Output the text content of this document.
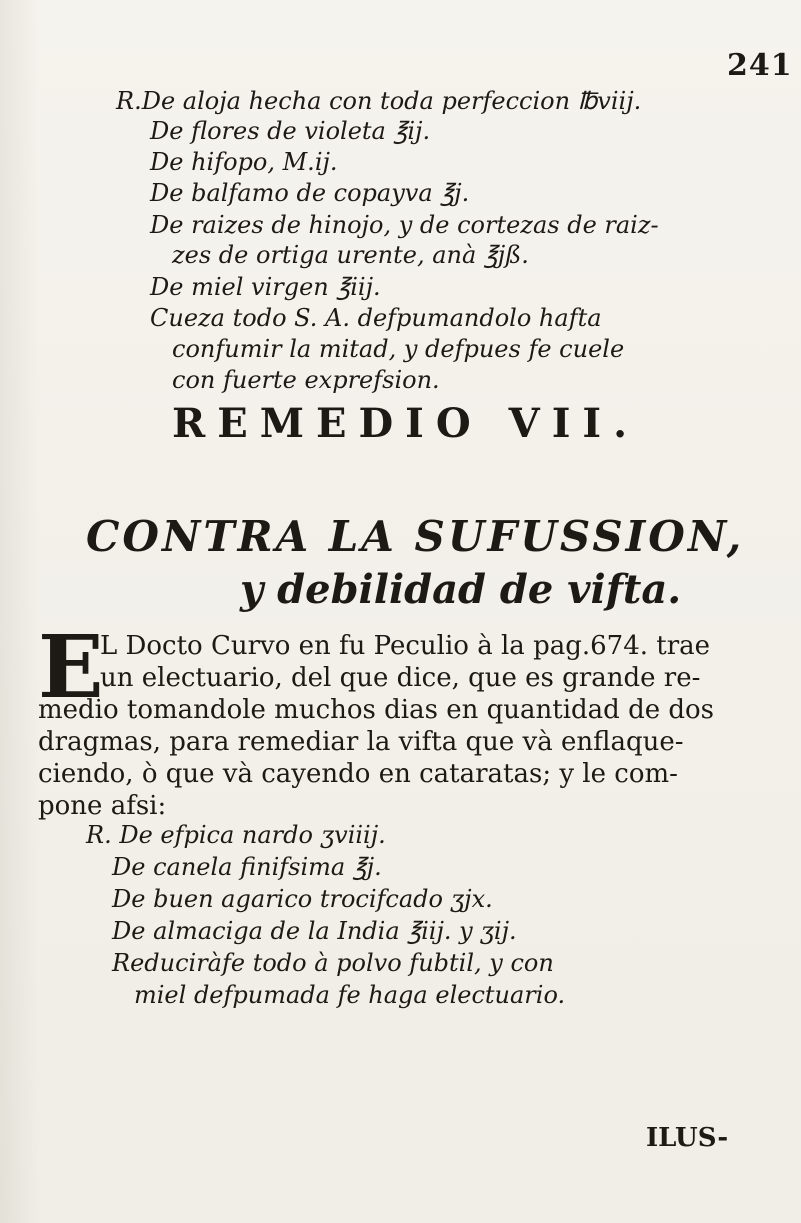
241
R.De aloja hecha con toda perfeccion ℔viij.
De flores de violeta ℥ij.
De hifopo, M.ij.
De balfamo de copayva ℥j.
De raizes de hinojo, y de cortezas de raiz-
zes de ortiga urente, anà ℥jß.
De miel virgen ℥iij.
Cueza todo S. A. defpumandolo hafta
confumir la mitad, y defpues fe cuele
con fuerte exprefsion.
REMEDIO VII.
CONTRA LA SUFUSSION,
y debilidad de vifta.
E
L Docto Curvo en fu Peculio à la pag.674. trae
un electuario, del que dice, que es grande re-
medio tomandole muchos dias en quantidad de dos
dragmas, para remediar la vifta que và enflaque-
ciendo, ò que và cayendo en cataratas; y le com-
pone afsi:
R. De efpica nardo ʒviiij.
De canela finifsima ℥j.
De buen agarico trocifcado ʒjx.
De almaciga de la India ℥iij. y ʒij.
Reduciràfe todo à polvo fubtil, y con
miel defpumada fe haga electuario.
ILUS-
